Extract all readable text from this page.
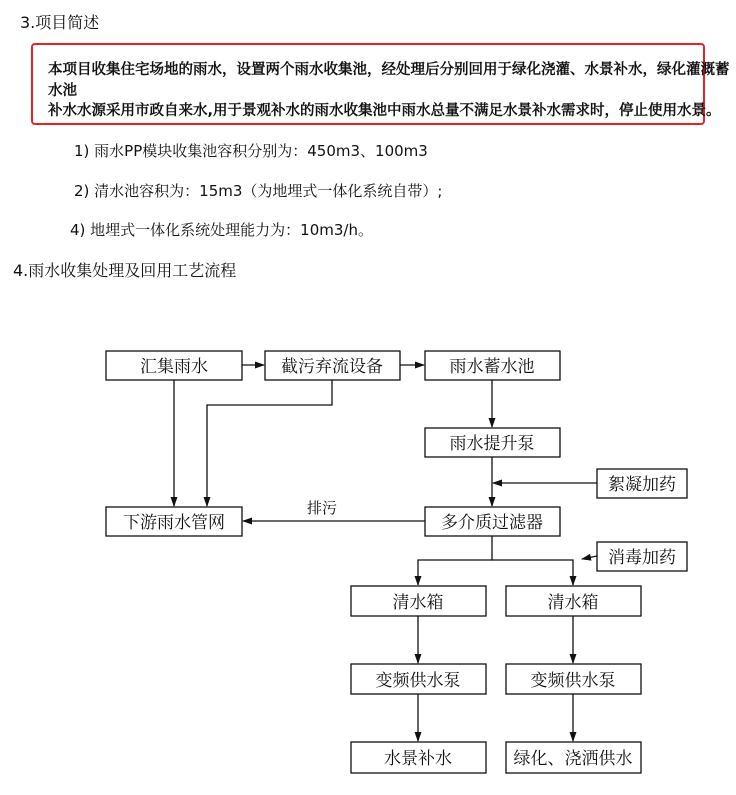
3.项目简述
本项目收集住宅场地的雨水，设置两个雨水收集池，经处理后分别回用于绿化浇灌、水景补水，绿化灌溉蓄水池
补水水源采用市政自来水,用于景观补水的雨水收集池中雨水总量不满足水景补水需求时，停止使用水景。
1) 雨水PP模块收集池容积分别为：450m3、100m3
2) 清水池容积为：15m3（为地埋式一体化系统自带）;
4) 地埋式一体化系统处理能力为：10m3/h。
4.雨水收集处理及回用工艺流程
汇集雨水	截污弃流设备	雨水蓄水池
雨水提升泵
絮凝加药
下游雨水管网	多介质过滤器
消毒加药
清水箱	清水箱
变频供水泵	变频供水泵
水景补水	绿化、浇洒供水
排污
